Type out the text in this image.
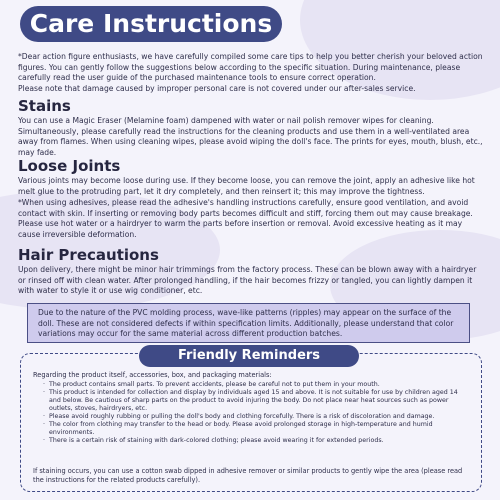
Care Instructions

*Dear action figure enthusiasts, we have carefully compiled some care tips to help you better cherish your beloved action figures. You can gently follow the suggestions below according to the specific situation. During maintenance, please carefully read the user guide of the purchased maintenance tools to ensure correct operation.

Please note that damage caused by improper personal care is not covered under our after-sales service.

Stains

You can use a Magic Eraser (Melamine foam) dampened with water or nail polish remover wipes for cleaning. Simultaneously, please carefully read the instructions for the cleaning products and use them in a well-ventilated area away from flames. When using cleaning wipes, please avoid wiping the doll's face. The prints for eyes, mouth, blush, etc., may fade.

Loose Joints

Various joints may become loose during use. If they become loose, you can remove the joint, apply an adhesive like hot melt glue to the protruding part, let it dry completely, and then reinsert it; this may improve the tightness.

*When using adhesives, please read the adhesive's handling instructions carefully, ensure good ventilation, and avoid contact with skin. If inserting or removing body parts becomes difficult and stiff, forcing them out may cause breakage. Please use hot water or a hairdryer to warm the parts before insertion or removal. Avoid excessive heating as it may cause irreversible deformation.

Hair Precautions

Upon delivery, there might be minor hair trimmings from the factory process. These can be blown away with a hairdryer or rinsed off with clean water. After prolonged handling, if the hair becomes frizzy or tangled, you can lightly dampen it with water to style it or use wig conditioner, etc.

Due to the nature of the PVC molding process, wave-like patterns (ripples) may appear on the surface of the doll. These are not considered defects if within specification limits. Additionally, please understand that color variations may occur for the same material across different production batches.
Friendly Reminders

Regarding the product itself, accessories, box, and packaging materials:

· The product contains small parts. To prevent accidents, please be careful not to put them in your mouth.
· This product is intended for collection and display by individuals aged 15 and above. It is not suitable for use by children aged 14 and below. Be cautious of sharp parts on the product to avoid injuring the body. Do not place near heat sources such as power outlets, stoves, hairdryers, etc.
· Please avoid roughly rubbing or pulling the doll's body and clothing forcefully. There is a risk of discoloration and damage.
· The color from clothing may transfer to the head or body. Please avoid prolonged storage in high-temperature and humid environments.
· There is a certain risk of staining with dark-colored clothing; please avoid wearing it for extended periods.

If staining occurs, you can use a cotton swab dipped in adhesive remover or similar products to gently wipe the area (please read the instructions for the related products carefully).
